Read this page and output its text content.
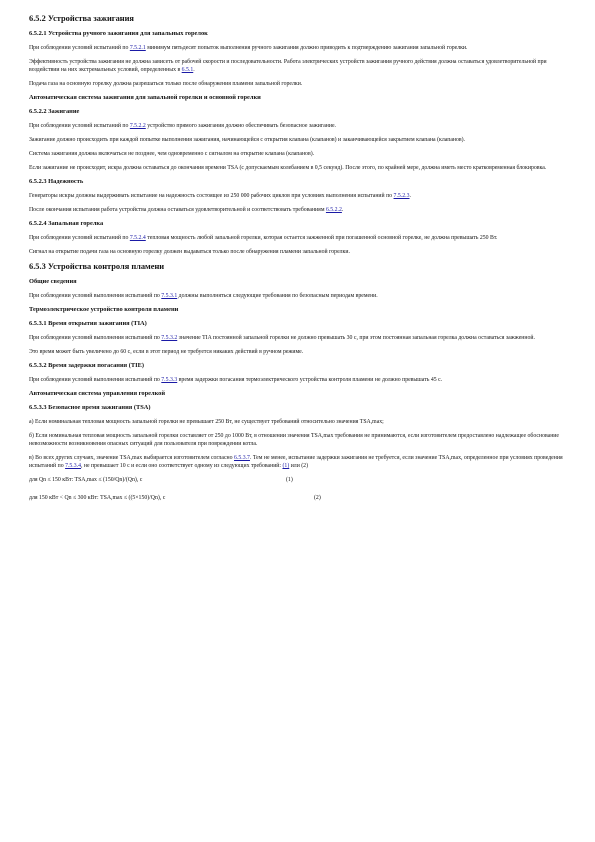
6.5.2 Устройства зажигания
6.5.2.1 Устройства ручного зажигания для запальных горелок
При соблюдении условий испытаний по 7.5.2.1 минимум пятьдесят попыток выполнения ручного зажигания должно приводить к подтверждению зажигания запальной горелки.
Эффективность устройства зажигания не должна зависеть от рабочей скорости и последовательности. Работа электрических устройств зажигания ручного действия должна оставаться удовлетворительной при воздействии на них экстремальных условий, определенных в 6.5.1.
Подача газа на основную горелку должна разрешаться только после обнаружения пламени запальной горелки.
Автоматическая система зажигания для запальной горелки и основной горелки
6.5.2.2 Зажигание
При соблюдении условий испытаний по 7.5.2.2 устройство прямого зажигания должно обеспечивать безопасное зажигание.
Зажигание должно происходить при каждой попытке выполнения зажигания, начинающейся с открытия клапана (клапанов) и заканчивающейся закрытием клапана (клапанов).
Система зажигания должна включаться не позднее, чем одновременно с сигналом на открытие клапана (клапанов).
Если зажигание не происходит, искра должна оставаться до окончания времени TSA (с допускаемым колебанием в 0,5 секунд). После этого, по крайней мере, должна иметь место кратковременная блокировка.
6.5.2.3 Надежность
Генераторы искры должны выдерживать испытание на надежность состоящее из 250 000 рабочих циклов при условиях выполнения испытаний по 7.5.2.3.
После окончания испытания работа устройства должна оставаться удовлетворительной и соответствовать требованиям 6.5.2.2.
6.5.2.4 Запальная горелка
При соблюдении условий испытаний по 7.5.2.4 тепловая мощность любой запальной горелки, которая остается зажженной при погашенной основной горелке, не должна превышать 250 Вт.
Сигнал на открытие подачи газа на основную горелку должен выдаваться только после обнаружения пламени запальной горелки.
6.5.3 Устройства контроля пламени
Общие сведения
При соблюдении условий выполнения испытаний по 7.5.3.1 должны выполняться следующие требования по безопасным периодам времени.
Термоэлектрическое устройство контроля пламени
6.5.3.1 Время открытия зажигания (TIA)
При соблюдении условий выполнения испытаний по 7.5.3.2 значение TIA постоянной запальной горелки не должно превышать 30 с, при этом постоянная запальная горелка должна оставаться зажженной.
Это время может быть увеличено до 60 с, если в этот период не требуется никаких действий в ручном режиме.
6.5.3.2 Время задержки погасания (TIE)
При соблюдении условий выполнения испытаний по 7.5.3.3 время задержки погасания термоэлектрического устройства контроля пламени не должно превышать 45 с.
Автоматическая система управления горелкой
6.5.3.3 Безопасное время зажигания (TSA)
а) Если номинальная тепловая мощность запальной горелки не превышает 250 Вт, не существует требований относительно значения TSA,max;
б) Если номинальная тепловая мощность запальной горелки составляет от 250 до 1000 Вт, в отношении значения TSA,max требования не принимаются, если изготовителем предоставлено надлежащее обоснование невозможности возникновения опасных ситуаций для пользователя при повреждении котла.
в) Во всех других случаях, значение TSA,max выбирается изготовителем согласно 6.5.3.7. Тем не менее, испытание задержки зажигания не требуется, если значение TSA,max, определенное при условиях проведения испытаний по 7.5.3.4, не превышает 10 с и если оно соответствует одному из следующих требований: (1) или (2)
для Qn ≤ 150 кВт: TSA,max ≤ (150/Qn)/(Qn), с	(1)
для 150 кВт < Qn ≤ 300 кВт: TSA,max ≤ ((5×150)/Qn), с	(2)
